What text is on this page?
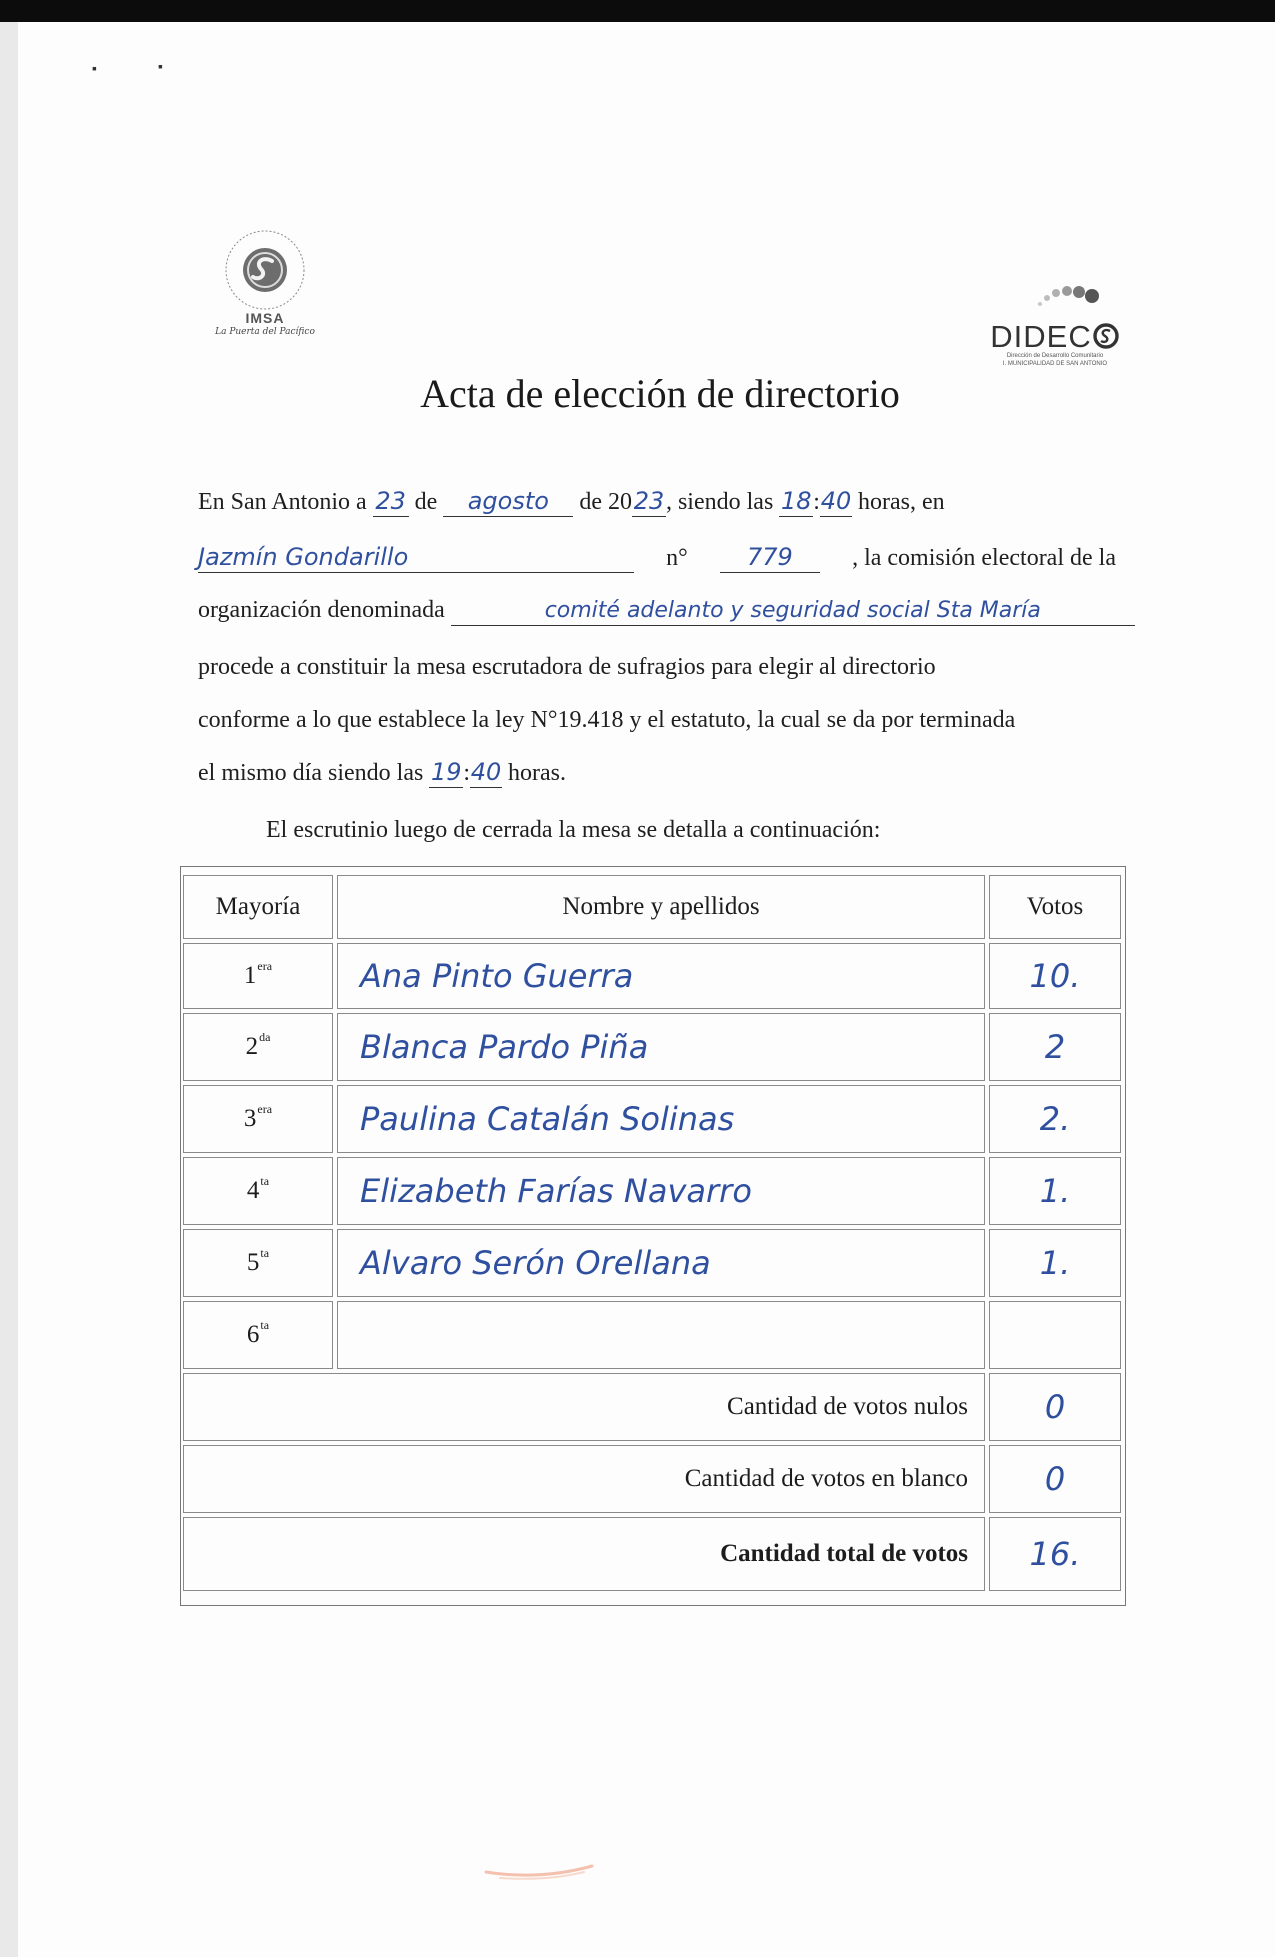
▪	▪
IMSA
La Puerta del Pacífico	DIDEC
Dirección de Desarrollo Comunitario
I. MUNICIPALIDAD DE SAN ANTONIO
Acta de elección de directorio
En San Antonio a 23 de agosto de 2023, siendo las 18:40 horas, en
Jazmín Gondarillo	n°	779	, la comisión electoral de la
organización denominada	comité adelanto y seguridad social Sta María
procede a constituir la mesa escrutadora de sufragios para elegir al directorio
conforme a lo que establece la ley N°19.418 y el estatuto, la cual se da por terminada
el mismo día siendo las 19:40 horas.
El escrutinio luego de cerrada la mesa se detalla a continuación:
Mayoría	Nombre y apellidos	Votos
$1^{era}$	Ana Pinto Guerra	10.
$2^{da}$	Blanca Pardo Piña	2
$3^{era}$	Paulina Catalán Solinas	2.
$4^{ta}$	Elizabeth Farías Navarro	1.
$5^{ta}$	Alvaro Serón Orellana	1.
$6^{ta}$
Cantidad de votos nulos	0
Cantidad de votos en blanco	0
Cantidad total de votos	16.
